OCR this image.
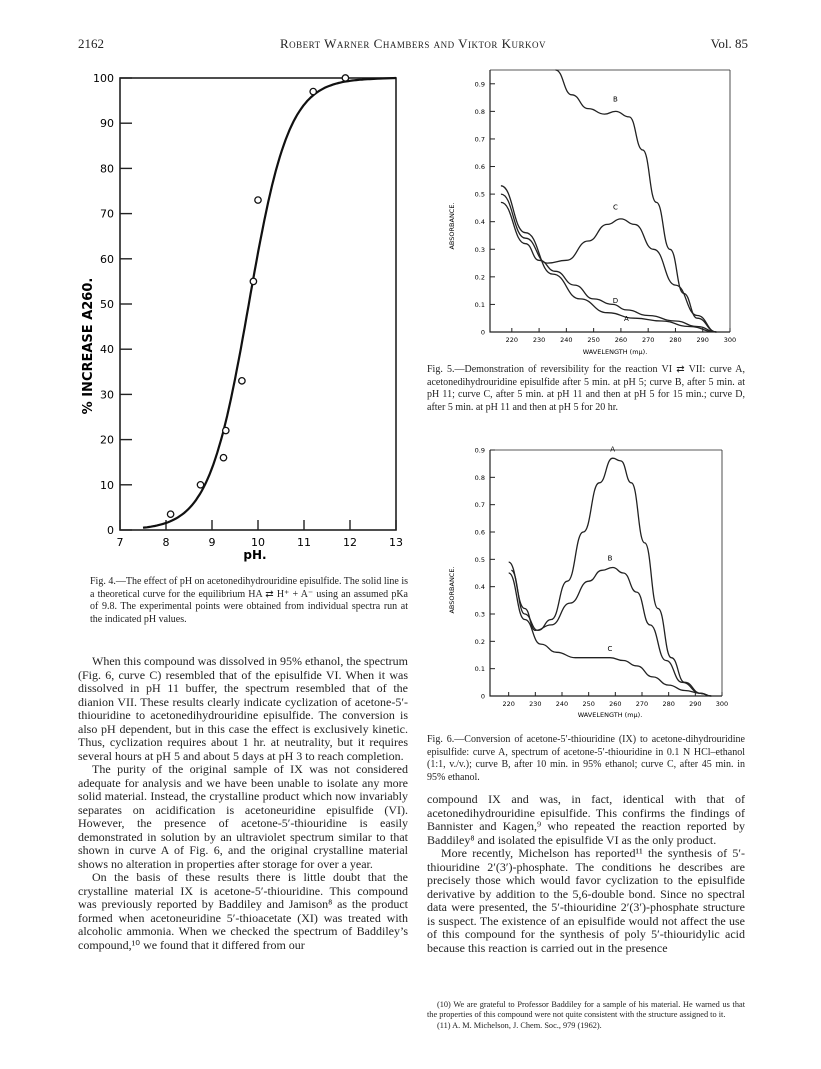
2162	Robert Warner Chambers and Viktor Kurkov	Vol. 85
0
10
20
30
40
50
60
70
80
90
100
7	8	9	10	11	12	13
pH.
% INCREASE A260.
Fig. 4.—The effect of pH on acetonedihydrouridine episulfide. The solid line is a theoretical curve for the equilibrium HA ⇄ H⁺ + A⁻ using an assumed pKa of 9.8. The experimental points were obtained from individual spectra run at the indicated pH values.
0
0.1
0.2
0.3
0.4
0.5
0.6
0.7
0.8
0.9
220 230 240 250 260 270 280 290 300
A
B
C
D
WAVELENGTH (mμ).
ABSORBANCE.
Fig. 5.—Demonstration of reversibility for the reaction VI ⇄ VII: curve A, acetonedihydrouridine episulfide after 5 min. at pH 5; curve B, after 5 min. at pH 11; curve C, after 5 min. at pH 11 and then at pH 5 for 15 min.; curve D, after 5 min. at pH 11 and then at pH 5 for 20 hr.
0
0.1
0.2
0.3
0.4
0.5
0.6
0.7
0.8
0.9
220 230 240 250 260 270 280 290 300
A
B
C
WAVELENGTH (mμ).
ABSORBANCE.
Fig. 6.—Conversion of acetone-5′-thiouridine (IX) to acetone-dihydrouridine episulfide: curve A, spectrum of acetone-5′-thiouridine in 0.1 N HCl–ethanol (1:1, v./v.); curve B, after 10 min. in 95% ethanol; curve C, after 45 min. in 95% ethanol.

When this compound was dissolved in 95% ethanol, the spectrum (Fig. 6, curve C) resembled that of the episulfide VI. When it was dissolved in pH 11 buffer, the spectrum resembled that of the dianion VII. These results clearly indicate cyclization of acetone-5′-thiouridine to acetonedihydrouridine episulfide. The conversion is also pH dependent, but in this case the effect is exclusively kinetic. Thus, cyclization requires about 1 hr. at neutrality, but it requires several hours at pH 5 and about 5 days at pH 3 to reach completion.

The purity of the original sample of IX was not considered adequate for analysis and we have been unable to isolate any more solid material. Instead, the crystalline product which now invariably separates on acidification is acetoneuridine episulfide (VI). However, the presence of acetone-5′-thiouridine is easily demonstrated in solution by an ultraviolet spectrum similar to that shown in curve A of Fig. 6, and the original crystalline material shows no alteration in properties after storage for over a year.

On the basis of these results there is little doubt that the crystalline material IX is acetone-5′-thiouridine. This compound was previously reported by Baddiley and Jamison⁸ as the product formed when acetoneuridine 5′-thioacetate (XI) was treated with alcoholic ammonia. When we checked the spectrum of Baddiley’s compound,¹⁰ we found that it differed from our

compound IX and was, in fact, identical with that of acetonedihydrouridine episulfide. This confirms the findings of Bannister and Kagen,⁹ who repeated the reaction reported by Baddiley⁸ and isolated the episulfide VI as the only product.

More recently, Michelson has reported¹¹ the synthesis of 5′-thiouridine 2′(3′)-phosphate. The conditions he describes are precisely those which would favor cyclization to the episulfide derivative by addition to the 5,6-double bond. Since no spectral data were presented, the 5′-thiouridine 2′(3′)-phosphate structure is suspect. The existence of an episulfide would not affect the use of this compound for the synthesis of poly 5′-thiouridylic acid because this reaction is carried out in the presence

(10) We are grateful to Professor Baddiley for a sample of his material. He warned us that the properties of this compound were not quite consistent with the structure assigned to it.

(11) A. M. Michelson, J. Chem. Soc., 979 (1962).
